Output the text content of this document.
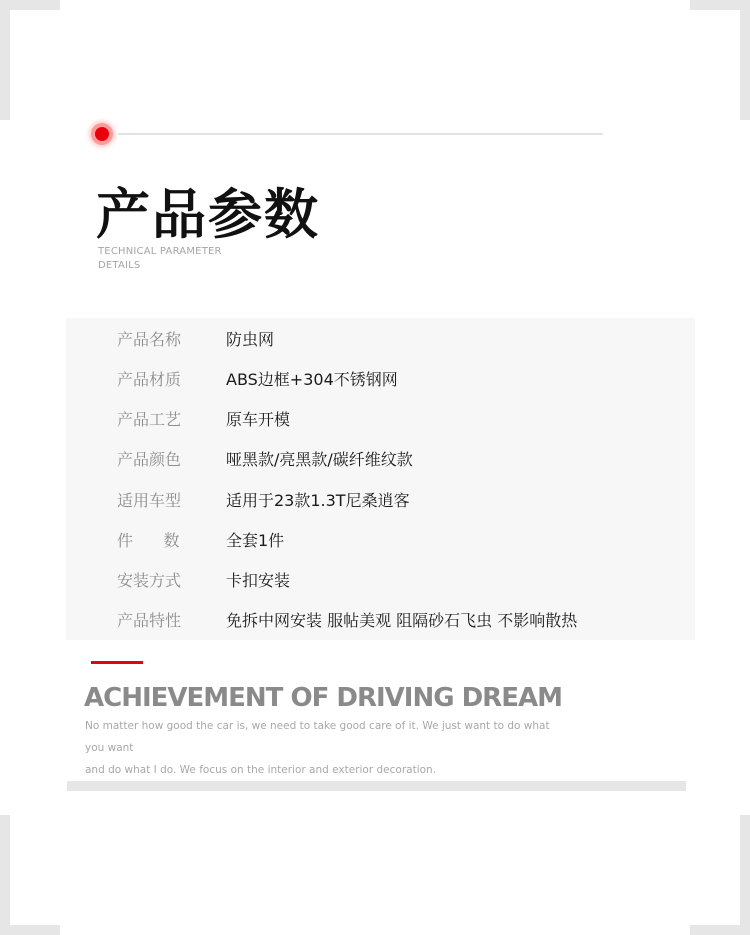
产品参数
TECHNICAL PARAMETER
DETAILS
产品名称	防虫网
产品材质	ABS边框+304不锈钢网
产品工艺	原车开模
产品颜色	哑黑款/亮黑款/碳纤维纹款
适用车型	适用于23款1.3T尼桑逍客
件      数	全套1件
安装方式	卡扣安装
产品特性	免拆中网安装 服帖美观 阻隔砂石飞虫 不影响散热
ACHIEVEMENT OF DRIVING DREAM
No matter how good the car is, we need to take good care of it. We just want to do what you want
and do what I do. We focus on the interior and exterior decoration.
